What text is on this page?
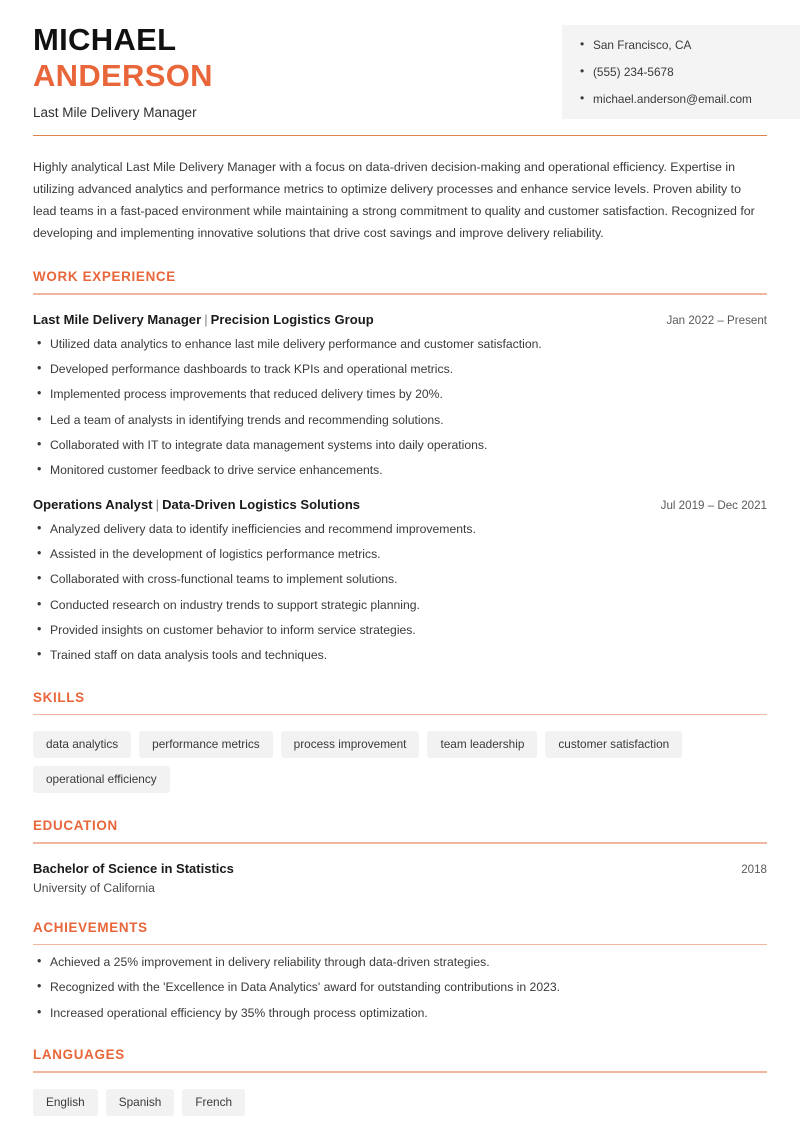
MICHAEL
ANDERSON
Last Mile Delivery Manager
• San Francisco, CA
• (555) 234-5678
• michael.anderson@email.com
Highly analytical Last Mile Delivery Manager with a focus on data-driven decision-making and operational efficiency. Expertise in utilizing advanced analytics and performance metrics to optimize delivery processes and enhance service levels. Proven ability to lead teams in a fast-paced environment while maintaining a strong commitment to quality and customer satisfaction. Recognized for developing and implementing innovative solutions that drive cost savings and improve delivery reliability.
WORK EXPERIENCE
Last Mile Delivery Manager | Precision Logistics Group	Jan 2022 – Present
• Utilized data analytics to enhance last mile delivery performance and customer satisfaction.
• Developed performance dashboards to track KPIs and operational metrics.
• Implemented process improvements that reduced delivery times by 20%.
• Led a team of analysts in identifying trends and recommending solutions.
• Collaborated with IT to integrate data management systems into daily operations.
• Monitored customer feedback to drive service enhancements.
Operations Analyst | Data-Driven Logistics Solutions	Jul 2019 – Dec 2021
• Analyzed delivery data to identify inefficiencies and recommend improvements.
• Assisted in the development of logistics performance metrics.
• Collaborated with cross-functional teams to implement solutions.
• Conducted research on industry trends to support strategic planning.
• Provided insights on customer behavior to inform service strategies.
• Trained staff on data analysis tools and techniques.
SKILLS
data analytics	performance metrics	process improvement	team leadership	customer satisfaction
operational efficiency
EDUCATION
Bachelor of Science in Statistics	2018
University of California
ACHIEVEMENTS
• Achieved a 25% improvement in delivery reliability through data-driven strategies.
• Recognized with the 'Excellence in Data Analytics' award for outstanding contributions in 2023.
• Increased operational efficiency by 35% through process optimization.
LANGUAGES
English	Spanish	French
